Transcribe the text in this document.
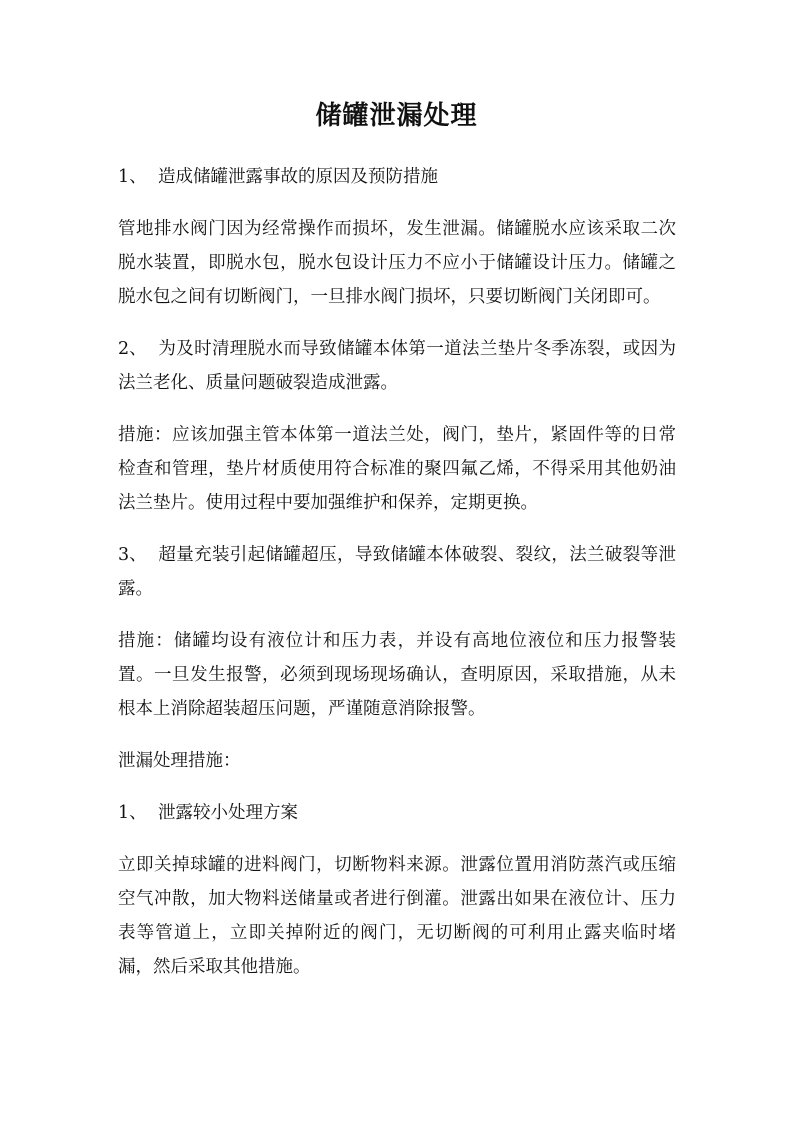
储罐泄漏处理

1、 造成储罐泄露事故的原因及预防措施

管地排水阀门因为经常操作而损坏，发生泄漏。储罐脱水应该采取二次脱水装置，即脱水包，脱水包设计压力不应小于储罐设计压力。储罐之脱水包之间有切断阀门，一旦排水阀门损坏，只要切断阀门关闭即可。

2、 为及时清理脱水而导致储罐本体第一道法兰垫片冬季冻裂，或因为法兰老化、质量问题破裂造成泄露。

措施：应该加强主管本体第一道法兰处，阀门，垫片，紧固件等的日常检查和管理，垫片材质使用符合标准的聚四氟乙烯，不得采用其他奶油法兰垫片。使用过程中要加强维护和保养，定期更换。

3、 超量充装引起储罐超压，导致储罐本体破裂、裂纹，法兰破裂等泄露。

措施：储罐均设有液位计和压力表，并设有高地位液位和压力报警装置。一旦发生报警，必须到现场现场确认，查明原因，采取措施，从未根本上消除超装超压问题，严谨随意消除报警。

泄漏处理措施：

1、 泄露较小处理方案

立即关掉球罐的进料阀门，切断物料来源。泄露位置用消防蒸汽或压缩空气冲散，加大物料送储量或者进行倒灌。泄露出如果在液位计、压力表等管道上，立即关掉附近的阀门，无切断阀的可利用止露夹临时堵漏，然后采取其他措施。
